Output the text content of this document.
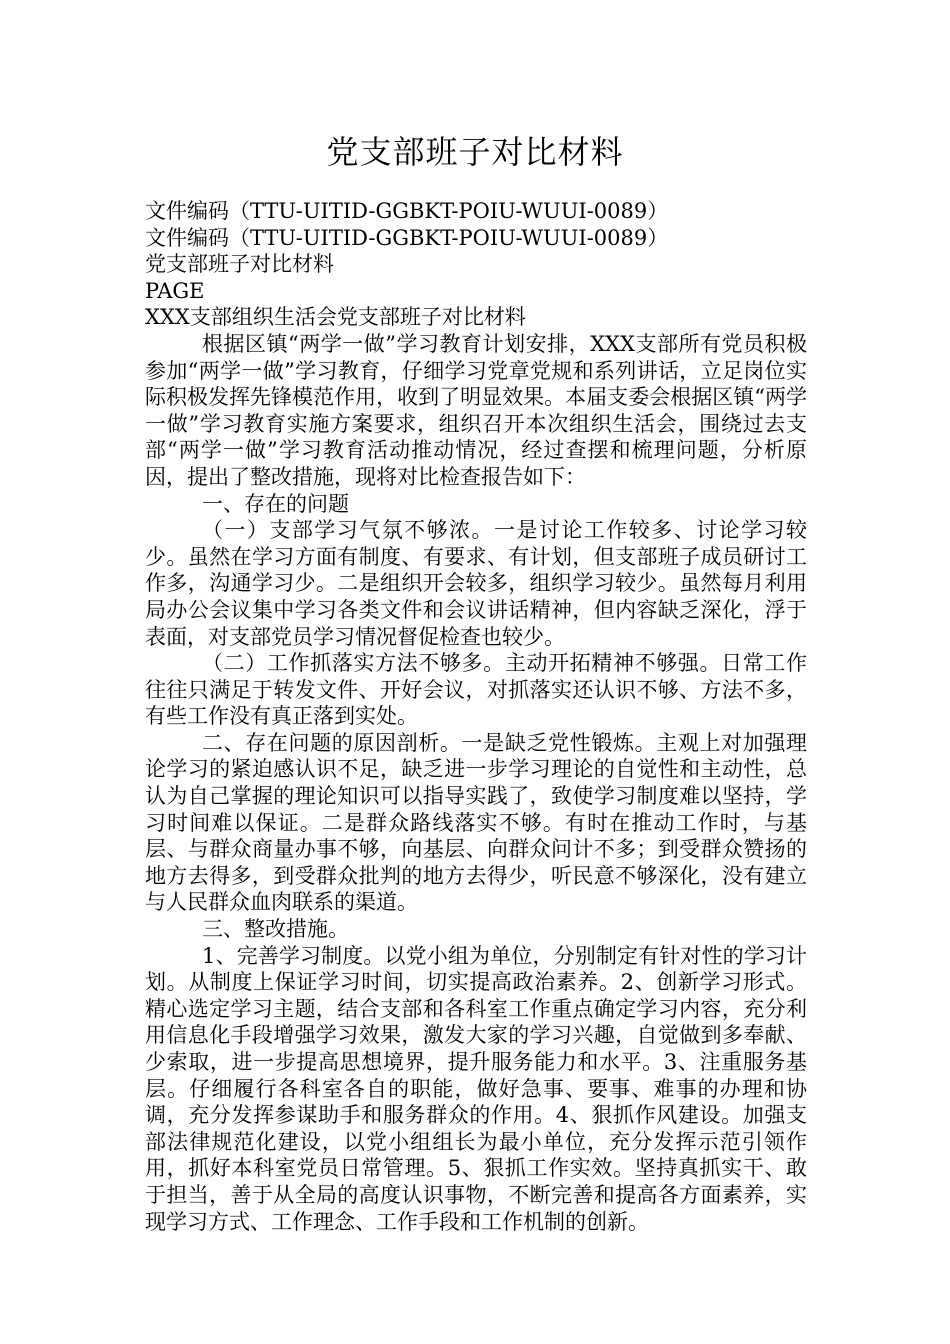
党支部班子对比材料

文件编码（TTU-UITID-GGBKT-POIU-WUUI-0089）

文件编码（TTU-UITID-GGBKT-POIU-WUUI-0089）

党支部班子对比材料

PAGE

XXX支部组织生活会党支部班子对比材料

根据区镇“两学一做”学习教育计划安排，XXX支部所有党员积极参加“两学一做”学习教育，仔细学习党章党规和系列讲话，立足岗位实际积极发挥先锋模范作用，收到了明显效果。本届支委会根据区镇“两学一做”学习教育实施方案要求，组织召开本次组织生活会，围绕过去支部“两学一做”学习教育活动推动情况，经过查摆和梳理问题，分析原因，提出了整改措施，现将对比检查报告如下：

一、存在的问题

（一）支部学习气氛不够浓。一是讨论工作较多、讨论学习较少。虽然在学习方面有制度、有要求、有计划，但支部班子成员研讨工作多，沟通学习少。二是组织开会较多，组织学习较少。虽然每月利用局办公会议集中学习各类文件和会议讲话精神，但内容缺乏深化，浮于表面，对支部党员学习情况督促检查也较少。

（二）工作抓落实方法不够多。主动开拓精神不够强。日常工作往往只满足于转发文件、开好会议，对抓落实还认识不够、方法不多，有些工作没有真正落到实处。

二、存在问题的原因剖析。一是缺乏党性锻炼。主观上对加强理论学习的紧迫感认识不足，缺乏进一步学习理论的自觉性和主动性，总认为自己掌握的理论知识可以指导实践了，致使学习制度难以坚持，学习时间难以保证。二是群众路线落实不够。有时在推动工作时，与基层、与群众商量办事不够，向基层、向群众问计不多；到受群众赞扬的地方去得多，到受群众批判的地方去得少，听民意不够深化，没有建立与人民群众血肉联系的渠道。

三、整改措施。

1、完善学习制度。以党小组为单位，分别制定有针对性的学习计划。从制度上保证学习时间，切实提高政治素养。2、创新学习形式。精心选定学习主题，结合支部和各科室工作重点确定学习内容，充分利用信息化手段增强学习效果，激发大家的学习兴趣，自觉做到多奉献、少索取，进一步提高思想境界，提升服务能力和水平。3、注重服务基层。仔细履行各科室各自的职能，做好急事、要事、难事的办理和协调，充分发挥参谋助手和服务群众的作用。4、狠抓作风建设。加强支部法律规范化建设，以党小组组长为最小单位，充分发挥示范引领作用，抓好本科室党员日常管理。5、狠抓工作实效。坚持真抓实干、敢于担当，善于从全局的高度认识事物，不断完善和提高各方面素养，实现学习方式、工作理念、工作手段和工作机制的创新。
